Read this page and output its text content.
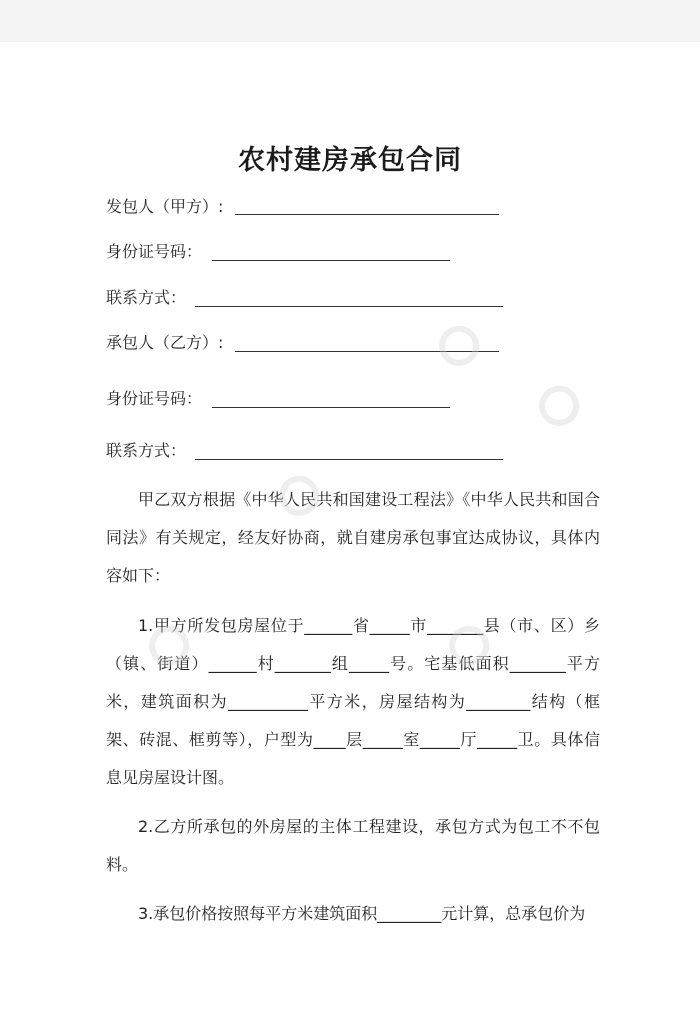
农村建房承包合同
发包人（甲方）:
身份证号码：
联系方式：
承包人（乙方）:
身份证号码：
联系方式：

甲乙双方根据《中华人民共和国建设工程法》《中华人民共和国合同法》有关规定，经友好协商，就自建房承包事宜达成协议，具体内容如下：

1.甲方所发包房屋位于______省_____市_______县（市、区）乡（镇、街道）______村_______组_____号。宅基低面积_______平方米，建筑面积为__________平方米，房屋结构为________结构（框架、砖混、框剪等），户型为____层_____室_____厅_____卫。具体信息见房屋设计图。

2.乙方所承包的外房屋的主体工程建设，承包方式为包工不不包料。

3.承包价格按照每平方米建筑面积________元计算，总承包价为
